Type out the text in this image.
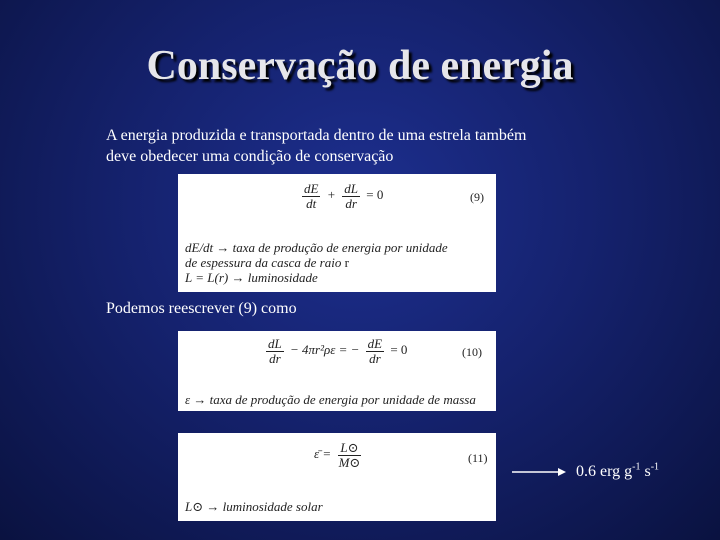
Conservação de energia
A energia produzida e transportada dentro de uma estrela também
deve obedecer uma condição de conservação
$\frac{dE}{dt} + \frac{dL}{dr} = 0$	(9)
dE/dt → taxa de produção de energia por unidade
de espessura da casca de raio r
L = L(r) → luminosidade
Podemos reescrever (9) como
$\frac{dL}{dr} - 4\pi r^2\rho\varepsilon$ = − $\frac{dE}{dr} = 0$	(10)
ε → taxa de produção de energia por unidade de massa
ε̄ = $\frac{L⊙}{M⊙}$	(11)
L⊙ → luminosidade solar
0.6 erg $g^{-1}$ $s^{-1}$
